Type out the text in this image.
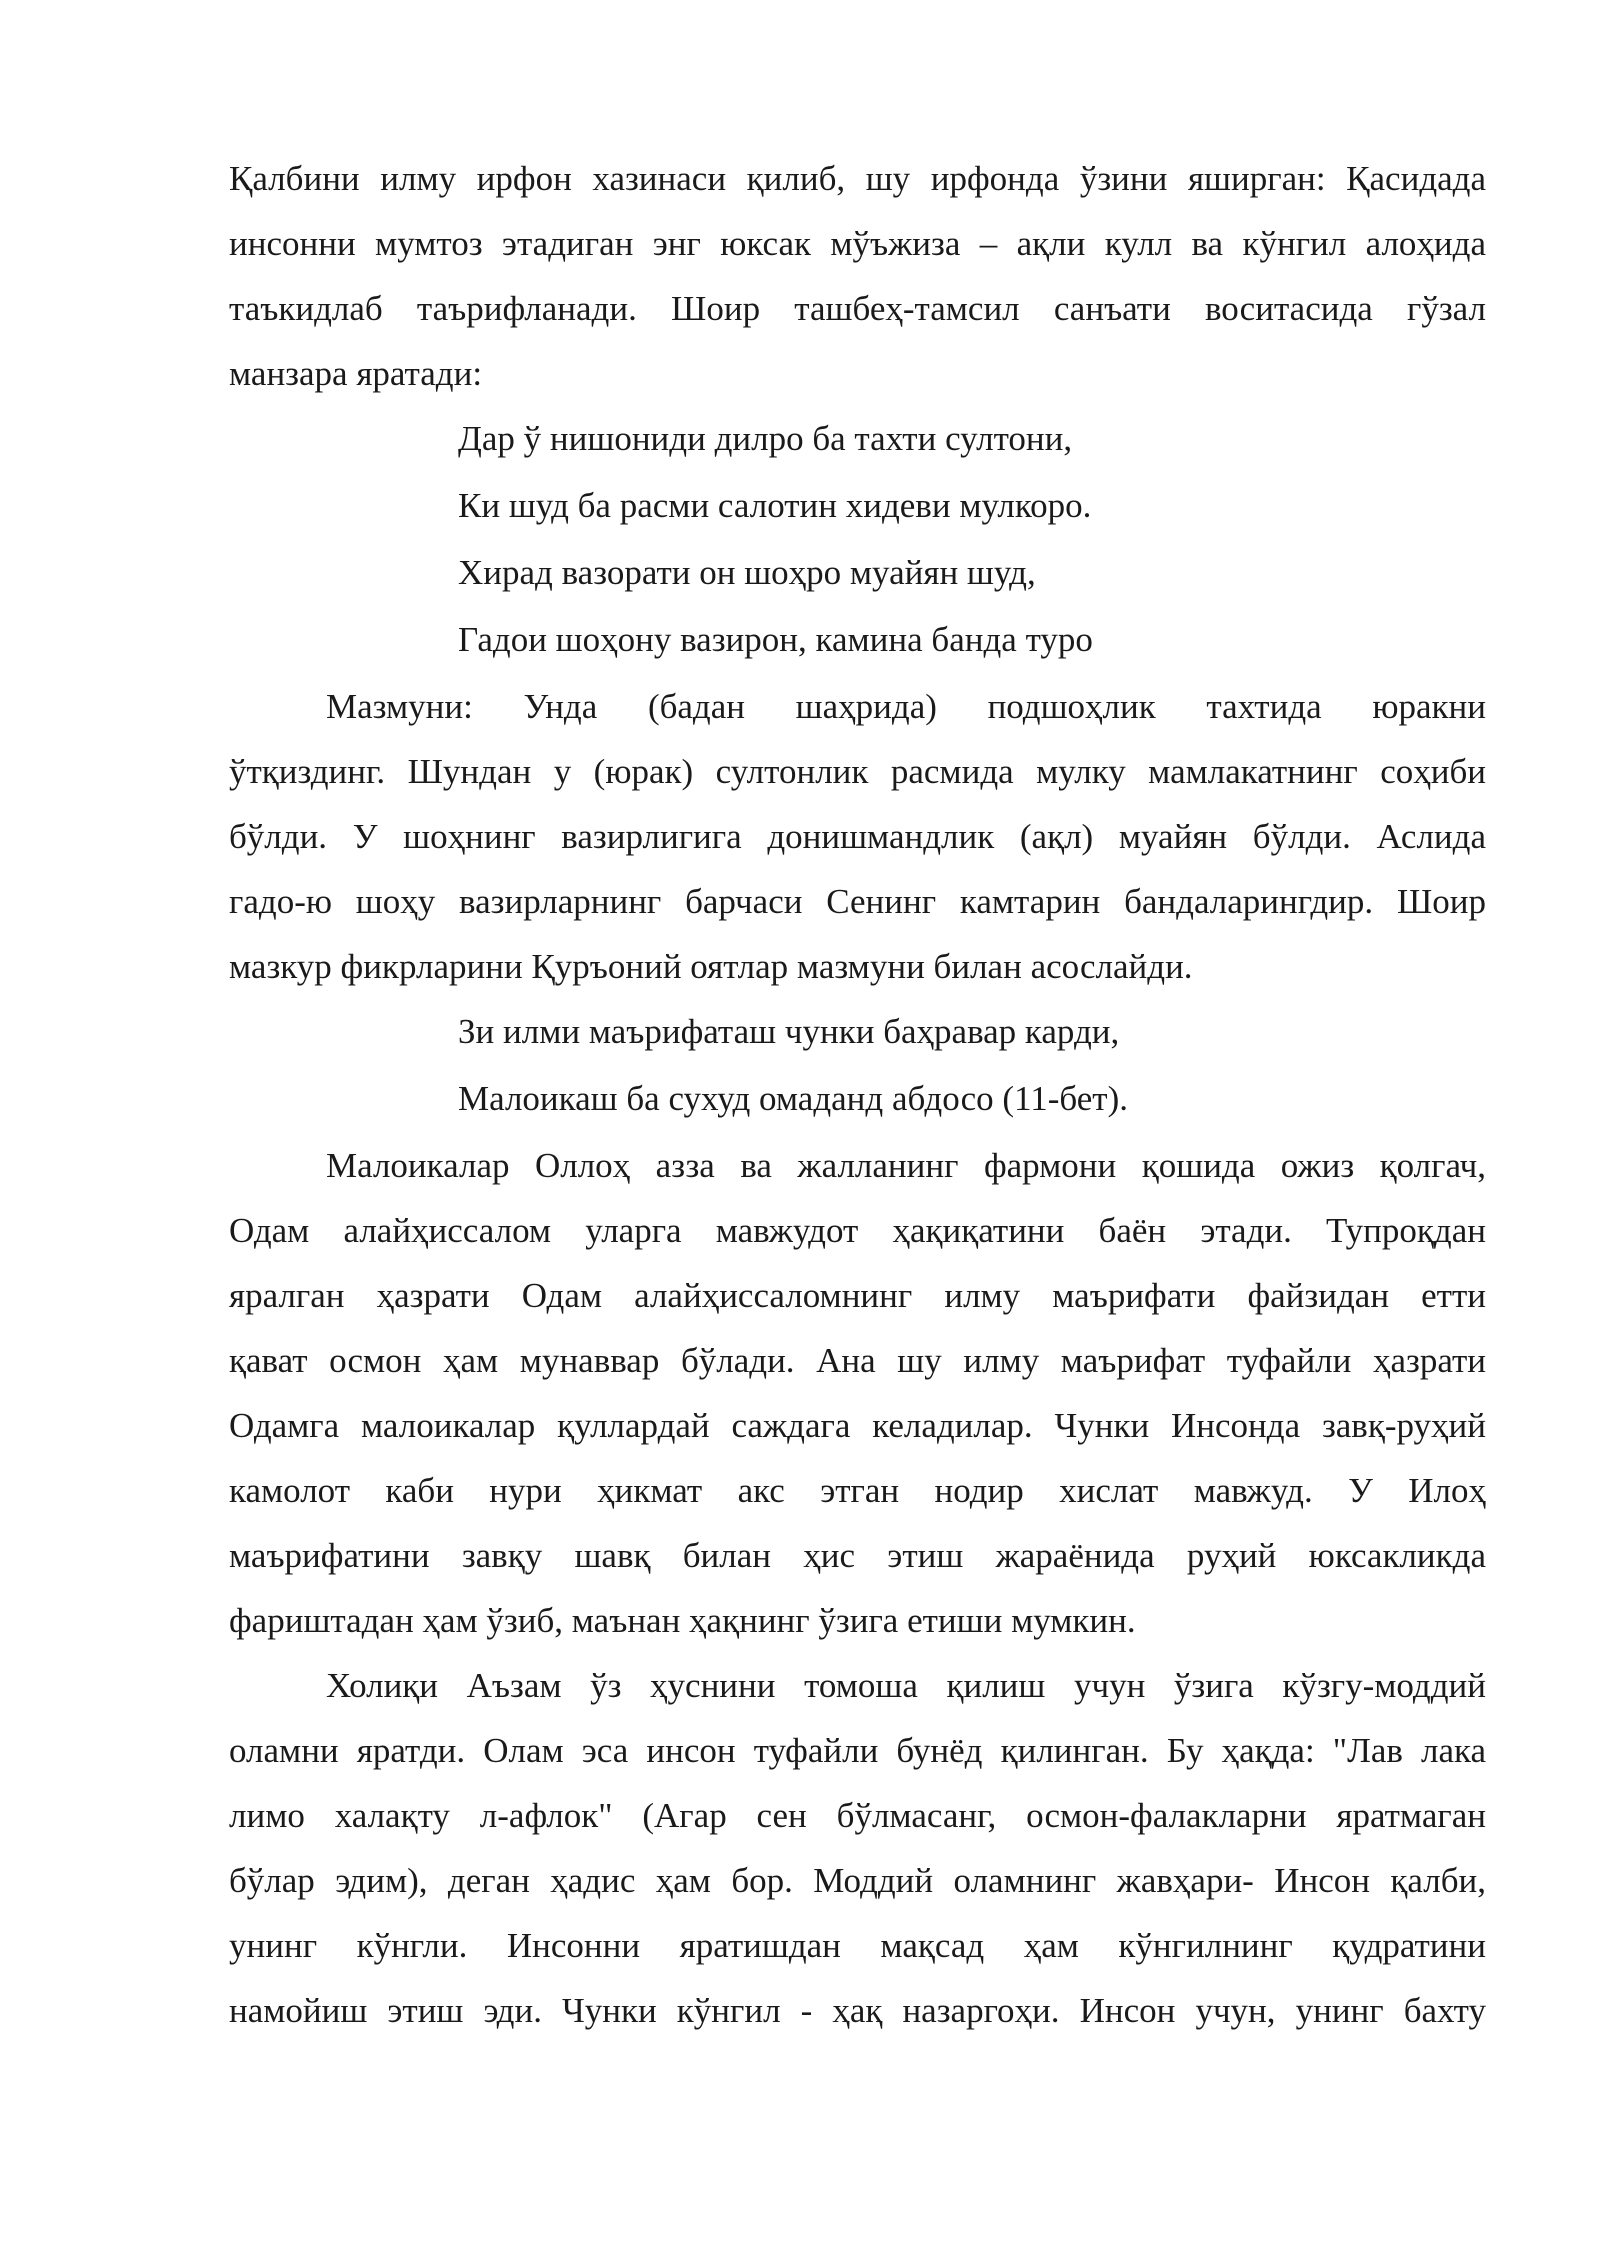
Қалбини илму ирфон хазинаси қилиб, шу ирфонда ўзини яширган: Қасидада
инсонни мумтоз этадиган энг юксак мўъжиза – ақли кулл ва кўнгил алоҳида
таъкидлаб таърифланади. Шоир ташбеҳ-тамсил санъати воситасида гўзал
манзара яратади:
Дар ў нишониди дилро ба тахти султони,
Ки шуд ба расми салотин хидеви мулкоро.
Хирад вазорати он шоҳро муайян шуд,
Гадои шоҳону вазирон, камина банда туро
Мазмуни: Унда (бадан шаҳрида) подшоҳлик тахтида юракни
ўтқиздинг. Шундан у (юрак) султонлик расмида мулку мамлакатнинг соҳиби
бўлди. У шоҳнинг вазирлигига донишмандлик (ақл) муайян бўлди. Аслида
гадо-ю шоҳу вазирларнинг барчаси Сенинг камтарин бандаларингдир. Шоир
мазкур фикрларини Қуръоний оятлар мазмуни билан асослайди.
Зи илми маърифаташ чунки баҳравар карди,
Малоикаш ба сухуд омаданд абдосо (11-бет).
Малоикалар Оллоҳ азза ва жалланинг фармони қошида ожиз қолгач,
Одам алайҳиссалом уларга мавжудот ҳақиқатини баён этади. Тупроқдан
яралган ҳазрати Одам алайҳиссаломнинг илму маърифати файзидан етти
қават осмон ҳам мунаввар бўлади. Ана шу илму маърифат туфайли ҳазрати
Одамга малоикалар қуллардай саждага келадилар. Чунки Инсонда завқ-руҳий
камолот каби нури ҳикмат акс этган нодир хислат мавжуд. У Илоҳ
маърифатини завқу шавқ билан ҳис этиш жараёнида руҳий юксакликда
фариштадан ҳам ўзиб, маънан ҳақнинг ўзига етиши мумкин.
Холиқи Аъзам ўз ҳуснини томоша қилиш учун ўзига кўзгу-моддий
оламни яратди. Олам эса инсон туфайли бунёд қилинган. Бу ҳақда: "Лав лака
лимо халақту л-афлок" (Агар сен бўлмасанг, осмон-фалакларни яратмаган
бўлар эдим), деган ҳадис ҳам бор. Моддий оламнинг жавҳари- Инсон қалби,
унинг кўнгли. Инсонни яратишдан мақсад ҳам кўнгилнинг қудратини
намойиш этиш эди. Чунки кўнгил - ҳақ назаргоҳи. Инсон учун, унинг бахту
